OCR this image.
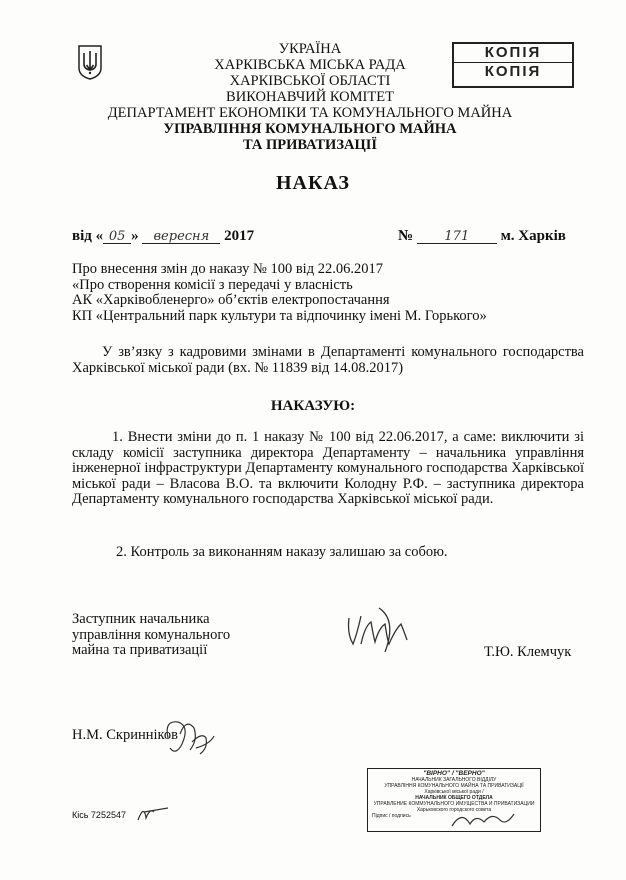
УКРАЇНА
ХАРКІВСЬКА МІСЬКА РАДА
ХАРКІВСЬКОЇ ОБЛАСТІ
ВИКОНАВЧИЙ КОМІТЕТ
ДЕПАРТАМЕНТ ЕКОНОМІКИ ТА КОМУНАЛЬНОГО МАЙНА
УПРАВЛІННЯ КОМУНАЛЬНОГО МАЙНА
ТА ПРИВАТИЗАЦІЇ
КОПІЯ
КОПІЯ
НАКАЗ
від « 05 » вересня 2017	№ 171 м. Харків
Про внесення змін до наказу № 100 від 22.06.2017
«Про створення комісії з передачі у власність
АК «Харківобленерго» об’єктів електропостачання
КП «Центральний парк культури та відпочинку імені М. Горького»
У зв’язку з кадровими змінами в Департаменті комунального господарства Харківської міської ради (вх. № 11839 від 14.08.2017)
НАКАЗУЮ:
1. Внести зміни до п. 1 наказу № 100 від 22.06.2017, а саме: виключити зі складу комісії заступника директора Департаменту – начальника управління інженерної інфраструктури Департаменту комунального господарства Харківської міської ради – Власова В.О. та включити Колодну Р.Ф. – заступника директора Департаменту комунального господарства Харківської міської ради.
2. Контроль за виконанням наказу залишаю за собою.
Заступник начальника
управління комунального
майна та приватизації	Т.Ю. Клемчук
Н.М. Скринніков
Кісь 7252547
"ВІРНО" / "ВЕРНО"
НАЧАЛЬНИК ЗАГАЛЬНОГО ВІДДІЛУ
УПРАВЛІННЯ КОМУНАЛЬНОГО МАЙНА ТА ПРИВАТИЗАЦІЇ
Харківської міської ради /
НАЧАЛЬНИК ОБЩЕГО ОТДЕЛА
УПРАВЛЕНИЕ КОММУНАЛЬНОГО ИМУЩЕСТВА И ПРИВАТИЗАЦИИ
Харьковского городского совета
Підпис / подпись
